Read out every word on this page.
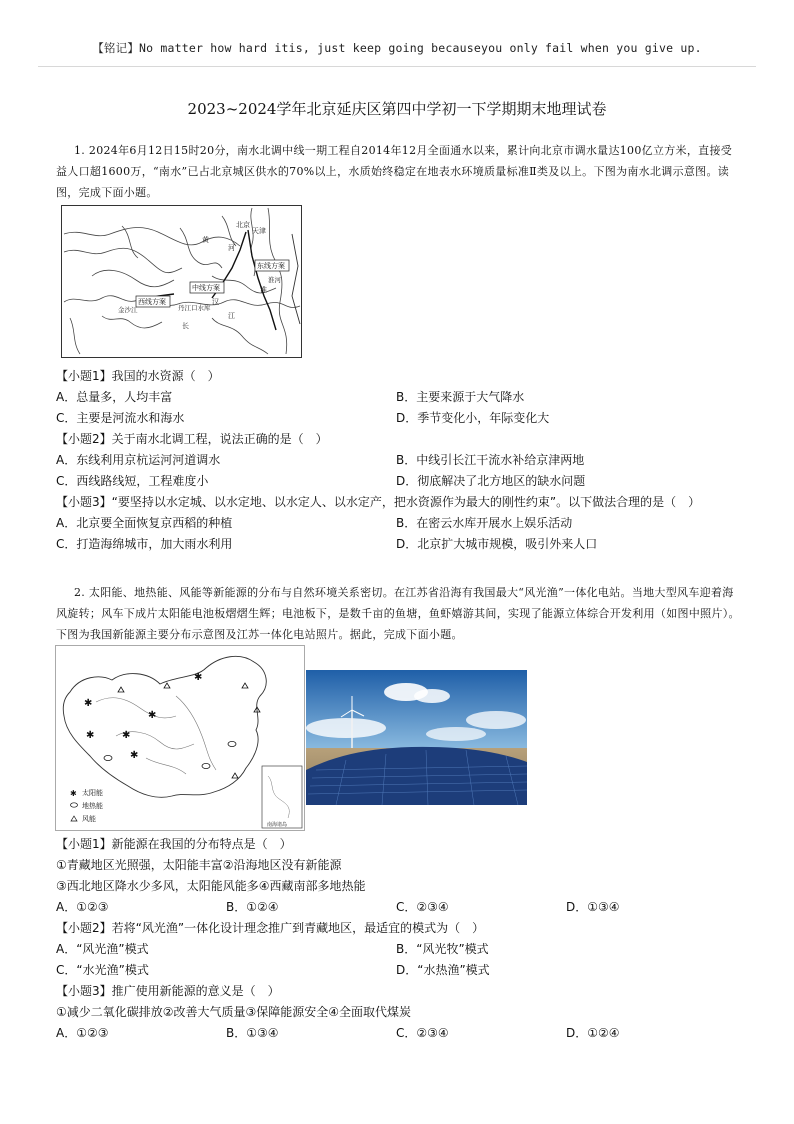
【铭记】No matter how hard itis, just keep going becauseyou only fail when you give up.
2023~2024学年北京延庆区第四中学初一下学期期末地理试卷
1. 2024年6月12日15时20分，南水北调中线一期工程自2014年12月全面通水以来，累计向北京市调水量达100亿立方米，直接受益人口超1600万，“南水”已占北京城区供水的70%以上，水质始终稳定在地表水环境质量标准Ⅱ类及以上。下图为南水北调示意图。读图，完成下面小题。
北京
天津
黄
河
淮
东线方案
中线方案
西线方案
丹江口水库
长
江
金沙江
汉
淮河
【小题1】我国的水资源（　）
A．总量多，人均丰富	B．主要来源于大气降水
C．主要是河流水和海水	D．季节变化小，年际变化大
【小题2】关于南水北调工程，说法正确的是（　）
A．东线利用京杭运河河道调水	B．中线引长江干流水补给京津两地
C．西线路线短，工程难度小	D．彻底解决了北方地区的缺水问题
【小题3】“要坚持以水定城、以水定地、以水定人、以水定产，把水资源作为最大的刚性约束”。以下做法合理的是（　）
A．北京要全面恢复京西稻的种植	B．在密云水库开展水上娱乐活动
C．打造海绵城市，加大雨水利用	D．北京扩大城市规模，吸引外来人口
2. 太阳能、地热能、风能等新能源的分布与自然环境关系密切。在江苏省沿海有我国最大“风光渔”一体化电站。当地大型风车迎着海风旋转；风车下成片太阳能电池板熠熠生辉；电池板下，是数千亩的鱼塘，鱼虾嬉游其间，实现了能源立体综合开发利用（如图中照片）。下图为我国新能源主要分布示意图及江苏一体化电站照片。据此，完成下面小题。
✱
✱	✱
✱
✱
✱
✱ 太阳能
地热能
风能
南海诸岛
【小题1】新能源在我国的分布特点是（　）
①青藏地区光照强，太阳能丰富②沿海地区没有新能源
③西北地区降水少多风，太阳能风能多④西藏南部多地热能
A．①②③	B．①②④	C．②③④	D．①③④
【小题2】若将“风光渔”一体化设计理念推广到青藏地区，最适宜的模式为（　）
A．“风光渔”模式	B．“风光牧”模式
C．“水光渔”模式	D．“水热渔”模式
【小题3】推广使用新能源的意义是（　）
①减少二氧化碳排放②改善大气质量③保障能源安全④全面取代煤炭
A．①②③	B．①③④	C．②③④	D．①②④
